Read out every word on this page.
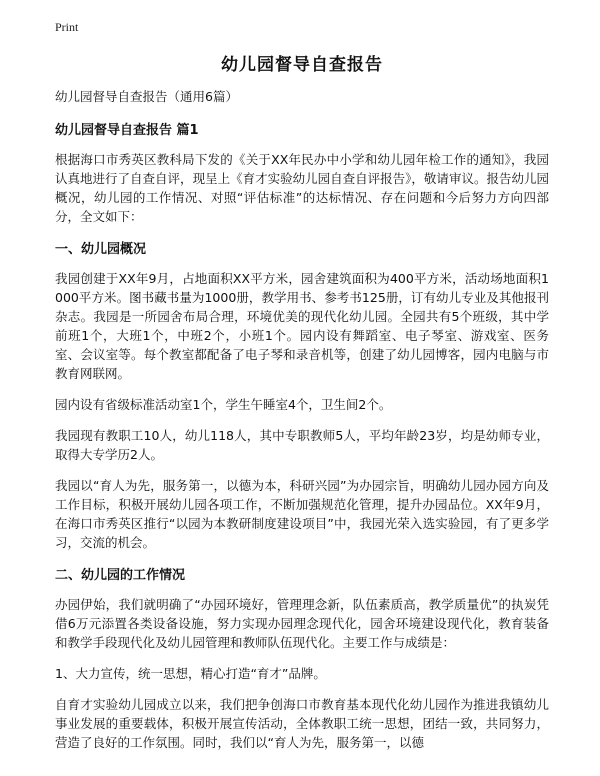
Print
幼儿园督导自查报告

幼儿园督导自查报告（通用6篇）

幼儿园督导自查报告 篇1

根据海口市秀英区教科局下发的《关于XX年民办中小学和幼儿园年检工作的通知》，我园认真地进行了自查自评，现呈上《育才实验幼儿园自查自评报告》，敬请审议。报告幼儿园概况，幼儿园的工作情况、对照“评估标准”的达标情况、存在问题和今后努力方向四部分，全文如下：

一、幼儿园概况

我园创建于XX年9月，占地面积XX平方米，园舍建筑面积为400平方米，活动场地面积1000平方米。图书藏书量为1000册，教学用书、参考书125册，订有幼儿专业及其他报刊杂志。我园是一所园舍布局合理，环境优美的现代化幼儿园。全园共有5个班级，其中学前班1个，大班1个，中班2个，小班1个。园内设有舞蹈室、电子琴室、游戏室、医务室、会议室等。每个教室都配备了电子琴和录音机等，创建了幼儿园博客，园内电脑与市教育网联网。

园内设有省级标准活动室1个，学生午睡室4个，卫生间2个。

我园现有教职工10人，幼儿118人，其中专职教师5人，平均年龄23岁，均是幼师专业，取得大专学历2人。

我园以“育人为先，服务第一，以德为本，科研兴园”为办园宗旨，明确幼儿园办园方向及工作目标，积极开展幼儿园各项工作，不断加强规范化管理，提升办园品位。XX年9月，在海口市秀英区推行“以园为本教研制度建设项目”中，我园光荣入选实验园，有了更多学习，交流的机会。

二、幼儿园的工作情况

办园伊始，我们就明确了“办园环境好，管理理念新，队伍素质高，教学质量优”的执炭凭借6万元添置各类设备设施，努力实现办园理念现代化，园舍环境建设现代化，教育装备和教学手段现代化及幼儿园管理和教师队伍现代化。主要工作与成绩是：

1、大力宣传，统一思想，精心打造“育才”品牌。

自育才实验幼儿园成立以来，我们把争创海口市教育基本现代化幼儿园作为推进我镇幼儿事业发展的重要载体，积极开展宣传活动，全体教职工统一思想，团结一致，共同努力，营造了良好的工作氛围。同时，我们以“育人为先，服务第一，以德
